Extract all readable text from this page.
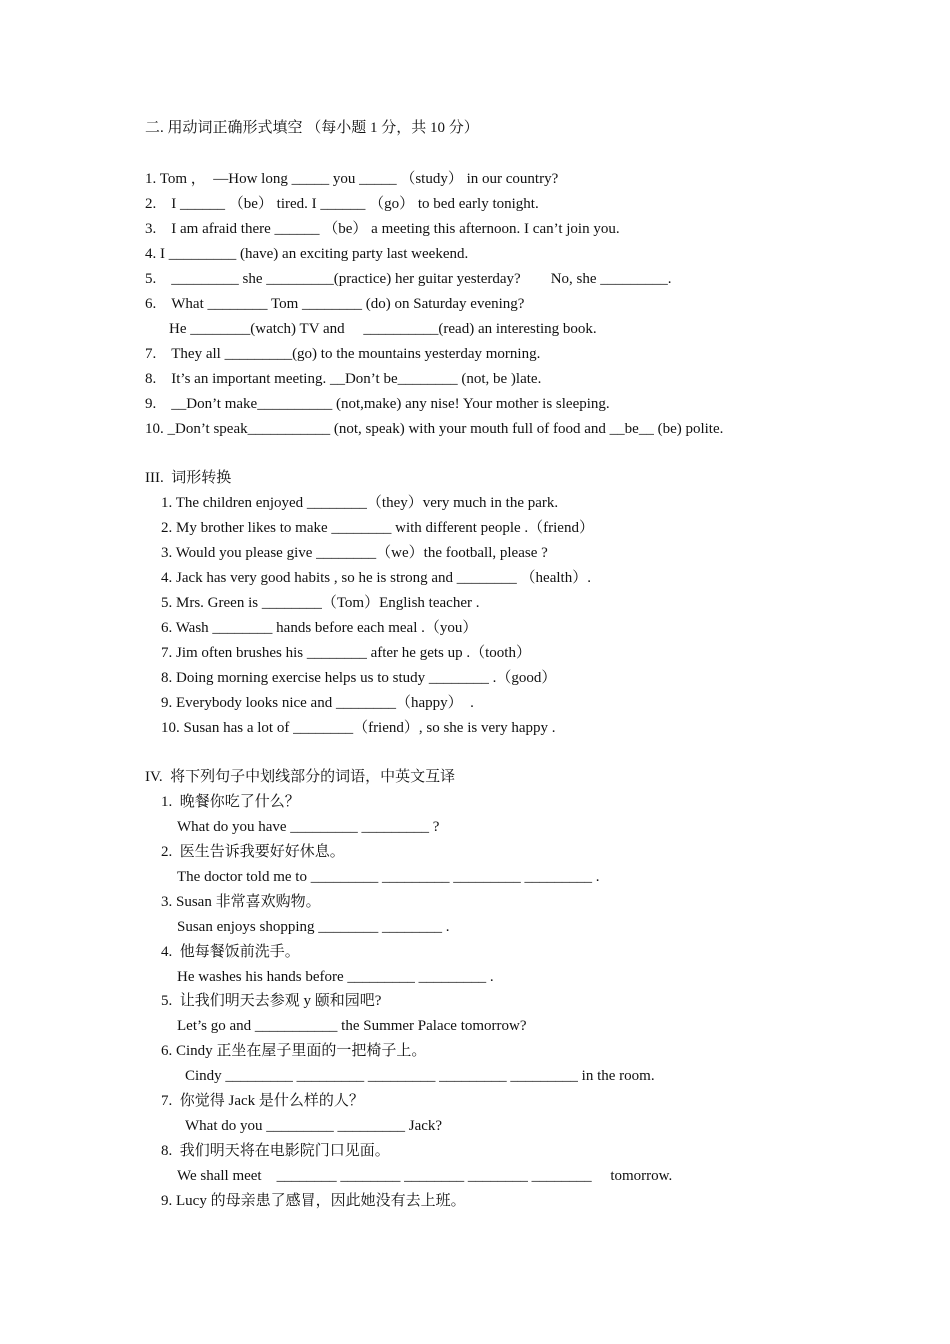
二. 用动词正确形式填空 （每小题 1 分，共 10 分）
1. Tom ，　—How long _____ you _____ （study） in our country?
2.　I ______ （be） tired. I ______ （go） to bed early tonight.
3.　I am afraid there ______ （be） a meeting this afternoon. I can’t join you.
4. I _________ (have) an exciting party last weekend.
5.　_________ she _________(practice) her guitar yesterday?　　No, she _________.
6.　What ________ Tom ________ (do) on Saturday evening?
He ________(watch) TV and 　__________(read) an interesting book.
7.　They all _________(go) to the mountains yesterday morning.
8.　It’s an important meeting. __Don’t be________ (not, be )late.
9.　__Don’t make__________ (not,make) any nise! Your mother is sleeping.
10. _Don’t speak___________ (not, speak) with your mouth full of food and __be__ (be) polite.
III.  词形转换
1. The children enjoyed ________（they）very much in the park.
2. My brother likes to make ________ with different people .（friend）
3. Would you please give ________（we）the football, please ?
4. Jack has very good habits , so he is strong and ________ （health）.
5. Mrs. Green is ________（Tom）English teacher .
6. Wash ________ hands before each meal .（you）
7. Jim often brushes his ________ after he gets up .（tooth）
8. Doing morning exercise helps us to study ________ .（good）
9. Everybody looks nice and ________（happy）  .
10. Susan has a lot of ________（friend）, so she is very happy .
IV.  将下列句子中划线部分的词语，中英文互译
1.  晚餐你吃了什么？
What do you have _________ _________ ?
2.  医生告诉我要好好休息。
The doctor told me to _________ _________ _________ _________ .
3. Susan 非常喜欢购物。
Susan enjoys shopping ________ ________ .
4.  他每餐饭前洗手。
He washes his hands before _________ _________ .
5.  让我们明天去参观 y 颐和园吧?
Let’s go and ___________ the Summer Palace tomorrow?
6. Cindy 正坐在屋子里面的一把椅子上。
Cindy _________ _________ _________ _________ _________ in the room.
7.  你觉得 Jack 是什么样的人？
What do you _________ _________ Jack?
8.  我们明天将在电影院门口见面。
We shall meet　________ ________ ________ ________ ________　 tomorrow.
9. Lucy 的母亲患了感冒，因此她没有去上班。
